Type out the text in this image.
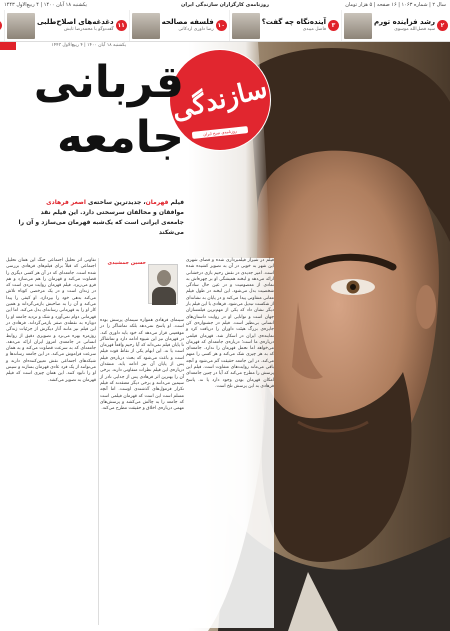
یکشنبه ۱۸ آبان ۱۴۰۰ | ۴ ربیع‌الاول ۱۴۴۳	روزنامه‌ی کارگزاران سازندگی ایران	سال ۲ | شماره ۱۰۶۳ | ۱۶ صفحه | ۵ هزار تومان
۲
رشد فزاینده تورم
سید فضل‌الله موسوی
۳
آینده‌نگاه چه گفت؟
فاضل میبدی
۱۰
فلسفه مصالحه
رضا داوری اردکانی
۱۱
دغدغه‌های اصلاح‌طلبی
گفت‌وگو با محمدرضا تابش
یکشنبه ۱۸ آبان ۱۴۰۰ | ۴ ربیع‌الاول ۱۴۴۳
سازندگی
روزنامه‌ی صبح ایران
قربانی
جامعه
فیلم قهرمان، جدیدترین ساخته‌ی اصغر فرهادی
موافقان و مخالفان سرسختی دارد. این فیلم نقد
جامعه‌ی ایرانی است که یک‌شبه قهرمان می‌سازد و آن را می‌شکند
حسین جمشیدی
تفاوتی اثر تحلیل اجتماعی جنگ این همان تحلیل اجتماعی که قبلاً برای فیلم‌های فرهادی بررسی شده است. جامعه‌ای که در آن هر کسی دیگری را قضاوت می‌کند و قهرمان را هم می‌سازد و هم فرو می‌ریزد. فیلم قهرمان روایت مردی است که در زندان است و در یک مرخصی کوتاه تلاش می‌کند بدهی خود را بپردازد. او کیفی را پیدا می‌کند و آن را به صاحبش بازمی‌گرداند و همین کار او را به قهرمانی رسانه‌ای بدل می‌کند. اما این قهرمانی دوام نمی‌آورد و شک و تردید جامعه او را دوباره به نقطه‌ی صفر بازمی‌گرداند. فرهادی در این فیلم نیز مانند آثار دیگرش از جزئیات زندگی روزمره بهره می‌برد و تصویری دقیق از روابط انسانی در جامعه‌ی امروز ایران ارائه می‌دهد. جامعه‌ای که به سرعت قضاوت می‌کند و به همان سرعت فراموش می‌کند. در این جامعه رسانه‌ها و شبکه‌های اجتماعی نقش تعیین‌کننده‌ای دارند و می‌توانند از یک فرد عادی قهرمان بسازند و سپس او را نابود کنند. این همان چیزی است که فیلم قهرمان به تصویر می‌کشد.
سینمای فرهادی همواره سینمای پرسش بوده است. او پاسخ نمی‌دهد بلکه تماشاگر را در موقعیتی قرار می‌دهد که خود باید داوری کند. در قهرمان نیز این شیوه ادامه دارد و تماشاگر تا پایان فیلم نمی‌داند که آیا رحیم واقعاً قهرمان است یا نه. این ابهام یکی از نقاط قوت فیلم است و باعث می‌شود که بحث درباره‌ی فیلم پس از پایان آن نیز ادامه یابد. منتقدان درباره‌ی این فیلم نظرات متفاوتی دارند. برخی آن را بهترین اثر فرهادی پس از جدایی نادر از سیمین می‌دانند و برخی دیگر معتقدند که فیلم تکرار فرمول‌های گذشته‌ی اوست. اما آنچه مسلم است این است که قهرمان فیلمی است که جامعه را به چالش می‌کشد و پرسش‌های مهمی درباره‌ی اخلاق و حقیقت مطرح می‌کند.
فیلم در شیراز فیلمبرداری شده و فضای شهری این شهر به خوبی در آن به تصویر کشیده شده است. امیر جدیدی در نقش رحیم بازی درخشانی ارائه می‌دهد و لبخند همیشگی او بر چهره‌اش به نمادی از معصومیت و در عین حال سادگی شخصیت بدل می‌شود. این لبخند در طول فیلم معانی متفاوتی پیدا می‌کند و در پایان به نشانه‌ای از شکست تبدیل می‌شود. فرهادی با این فیلم بار دیگر نشان داد که یکی از مهم‌ترین فیلمسازان جهان است و توانایی او در روایت داستان‌های انسانی بی‌نظیر است. فیلم در جشنواره‌ی کن جایزه‌ی بزرگ هیئت داوران را دریافت کرد و نماینده‌ی ایران در اسکار شد. قهرمان فیلمی درباره‌ی ما است؛ درباره‌ی جامعه‌ای که قهرمان می‌خواهد اما تحمل قهرمان را ندارد. جامعه‌ای که به هر چیزی شک می‌کند و هر کسی را متهم می‌کند. در این جامعه حقیقت گم می‌شود و آنچه باقی می‌ماند روایت‌های متفاوت است. فیلم این پرسش را مطرح می‌کند که آیا در چنین جامعه‌ای امکان قهرمان بودن وجود دارد یا نه. پاسخ فرهادی به این پرسش تلخ است.
